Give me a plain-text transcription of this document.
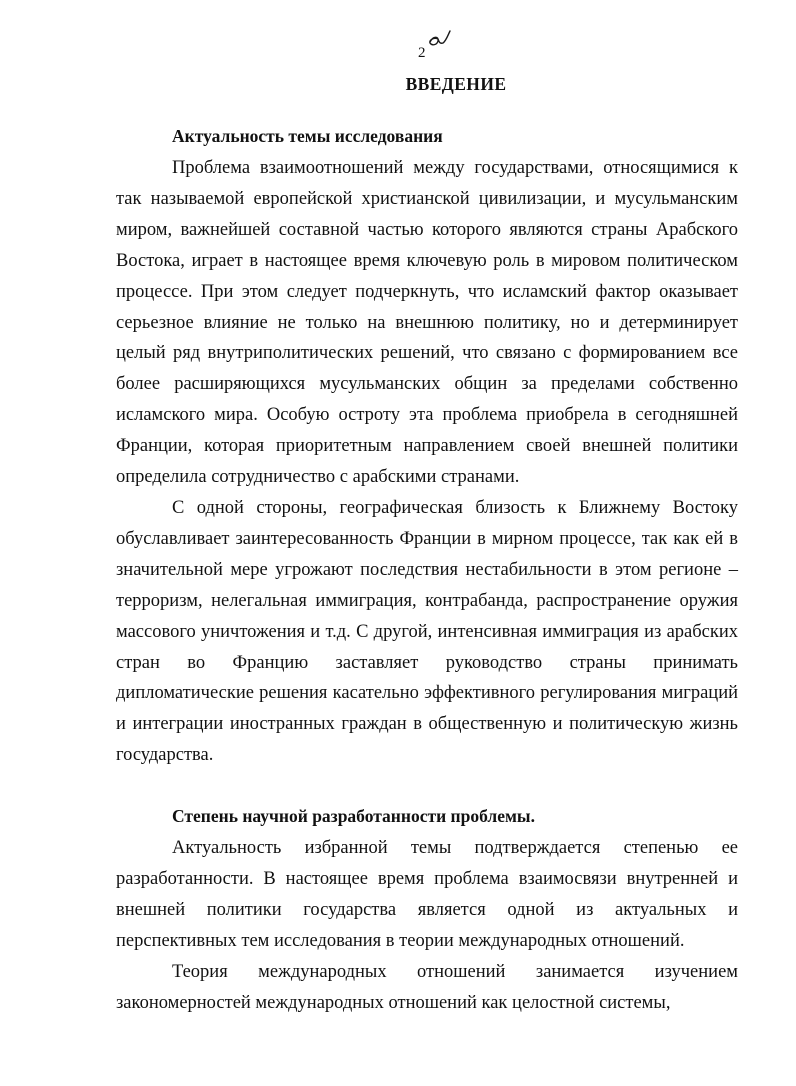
2
ВВЕДЕНИЕ
Актуальность темы исследования

Проблема взаимоотношений между государствами, относящимися к так называемой европейской христианской цивилизации, и мусульманским миром, важнейшей составной частью которого являются страны Арабского Востока, играет в настоящее время ключевую роль в мировом политическом процессе. При этом следует подчеркнуть, что исламский фактор оказывает серьезное влияние не только на внешнюю политику, но и детерминирует целый ряд внутриполитических решений, что связано с формированием все более расширяющихся мусульманских общин за пределами собственно исламского мира. Особую остроту эта проблема приобрела в сегодняшней Франции, которая приоритетным направлением своей внешней политики определила сотрудничество с арабскими странами.

С одной стороны, географическая близость к Ближнему Востоку обуславливает заинтересованность Франции в мирном процессе, так как ей в значительной мере угрожают последствия нестабильности в этом регионе – терроризм, нелегальная иммиграция, контрабанда, распространение оружия массового уничтожения и т.д. С другой, интенсивная иммиграция из арабских стран во Францию заставляет руководство страны принимать дипломатические решения касательно эффективного регулирования миграций и интеграции иностранных граждан в общественную и политическую жизнь государства.

Степень научной разработанности проблемы.

Актуальность избранной темы подтверждается степенью ее разработанности. В настоящее время проблема взаимосвязи внутренней и внешней политики государства является одной из актуальных и перспективных тем исследования в теории международных отношений.

Теория международных отношений занимается изучением закономерностей международных отношений как целостной системы,
